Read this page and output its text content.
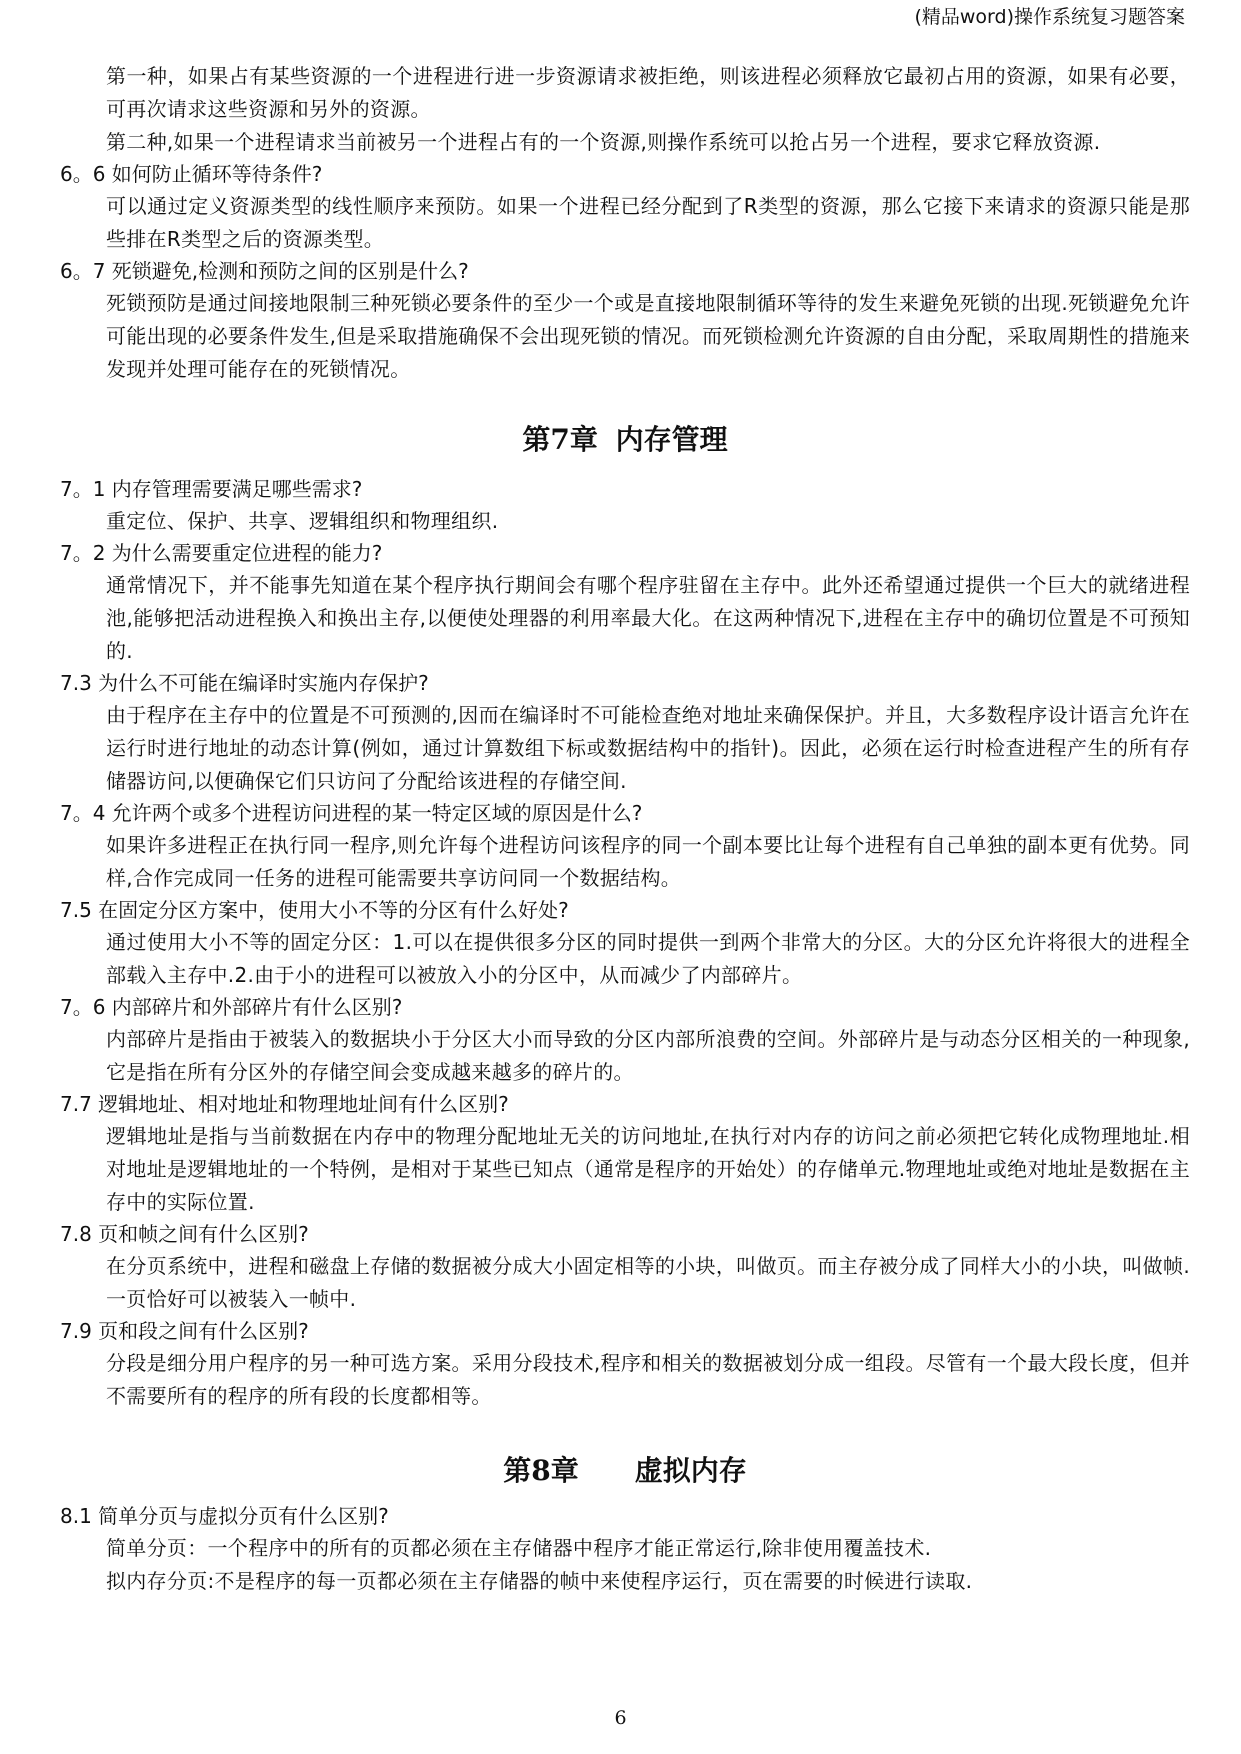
(精品word)操作系统复习题答案

第一种，如果占有某些资源的一个进程进行进一步资源请求被拒绝，则该进程必须释放它最初占用的资源，如果有必要，可再次请求这些资源和另外的资源。

第二种,如果一个进程请求当前被另一个进程占有的一个资源,则操作系统可以抢占另一个进程，要求它释放资源.

6。6 如何防止循环等待条件?

可以通过定义资源类型的线性顺序来预防。如果一个进程已经分配到了R类型的资源，那么它接下来请求的资源只能是那些排在R类型之后的资源类型。

6。7 死锁避免,检测和预防之间的区别是什么?

死锁预防是通过间接地限制三种死锁必要条件的至少一个或是直接地限制循环等待的发生来避免死锁的出现.死锁避免允许可能出现的必要条件发生,但是采取措施确保不会出现死锁的情况。而死锁检测允许资源的自由分配，采取周期性的措施来发现并处理可能存在的死锁情况。

第7章 内存管理

7。1 内存管理需要满足哪些需求?

重定位、保护、共享、逻辑组织和物理组织.

7。2 为什么需要重定位进程的能力?

通常情况下，并不能事先知道在某个程序执行期间会有哪个程序驻留在主存中。此外还希望通过提供一个巨大的就绪进程池,能够把活动进程换入和换出主存,以便使处理器的利用率最大化。在这两种情况下,进程在主存中的确切位置是不可预知的.

7.3 为什么不可能在编译时实施内存保护?

由于程序在主存中的位置是不可预测的,因而在编译时不可能检查绝对地址来确保保护。并且，大多数程序设计语言允许在运行时进行地址的动态计算(例如，通过计算数组下标或数据结构中的指针)。因此，必须在运行时检查进程产生的所有存储器访问,以便确保它们只访问了分配给该进程的存储空间.

7。4 允许两个或多个进程访问进程的某一特定区域的原因是什么?

如果许多进程正在执行同一程序,则允许每个进程访问该程序的同一个副本要比让每个进程有自己单独的副本更有优势。同样,合作完成同一任务的进程可能需要共享访问同一个数据结构。

7.5 在固定分区方案中，使用大小不等的分区有什么好处?

通过使用大小不等的固定分区：1.可以在提供很多分区的同时提供一到两个非常大的分区。大的分区允许将很大的进程全部载入主存中.2.由于小的进程可以被放入小的分区中，从而减少了内部碎片。

7。6 内部碎片和外部碎片有什么区别?

内部碎片是指由于被装入的数据块小于分区大小而导致的分区内部所浪费的空间。外部碎片是与动态分区相关的一种现象,它是指在所有分区外的存储空间会变成越来越多的碎片的。

7.7 逻辑地址、相对地址和物理地址间有什么区别?

逻辑地址是指与当前数据在内存中的物理分配地址无关的访问地址,在执行对内存的访问之前必须把它转化成物理地址.相对地址是逻辑地址的一个特例，是相对于某些已知点（通常是程序的开始处）的存储单元.物理地址或绝对地址是数据在主存中的实际位置.

7.8 页和帧之间有什么区别?

在分页系统中，进程和磁盘上存储的数据被分成大小固定相等的小块，叫做页。而主存被分成了同样大小的小块，叫做帧.一页恰好可以被装入一帧中.

7.9 页和段之间有什么区别?

分段是细分用户程序的另一种可选方案。采用分段技术,程序和相关的数据被划分成一组段。尽管有一个最大段长度，但并不需要所有的程序的所有段的长度都相等。

第8章 虚拟内存

8.1 简单分页与虚拟分页有什么区别?

简单分页：一个程序中的所有的页都必须在主存储器中程序才能正常运行,除非使用覆盖技术.

拟内存分页:不是程序的每一页都必须在主存储器的帧中来使程序运行，页在需要的时候进行读取.

6
